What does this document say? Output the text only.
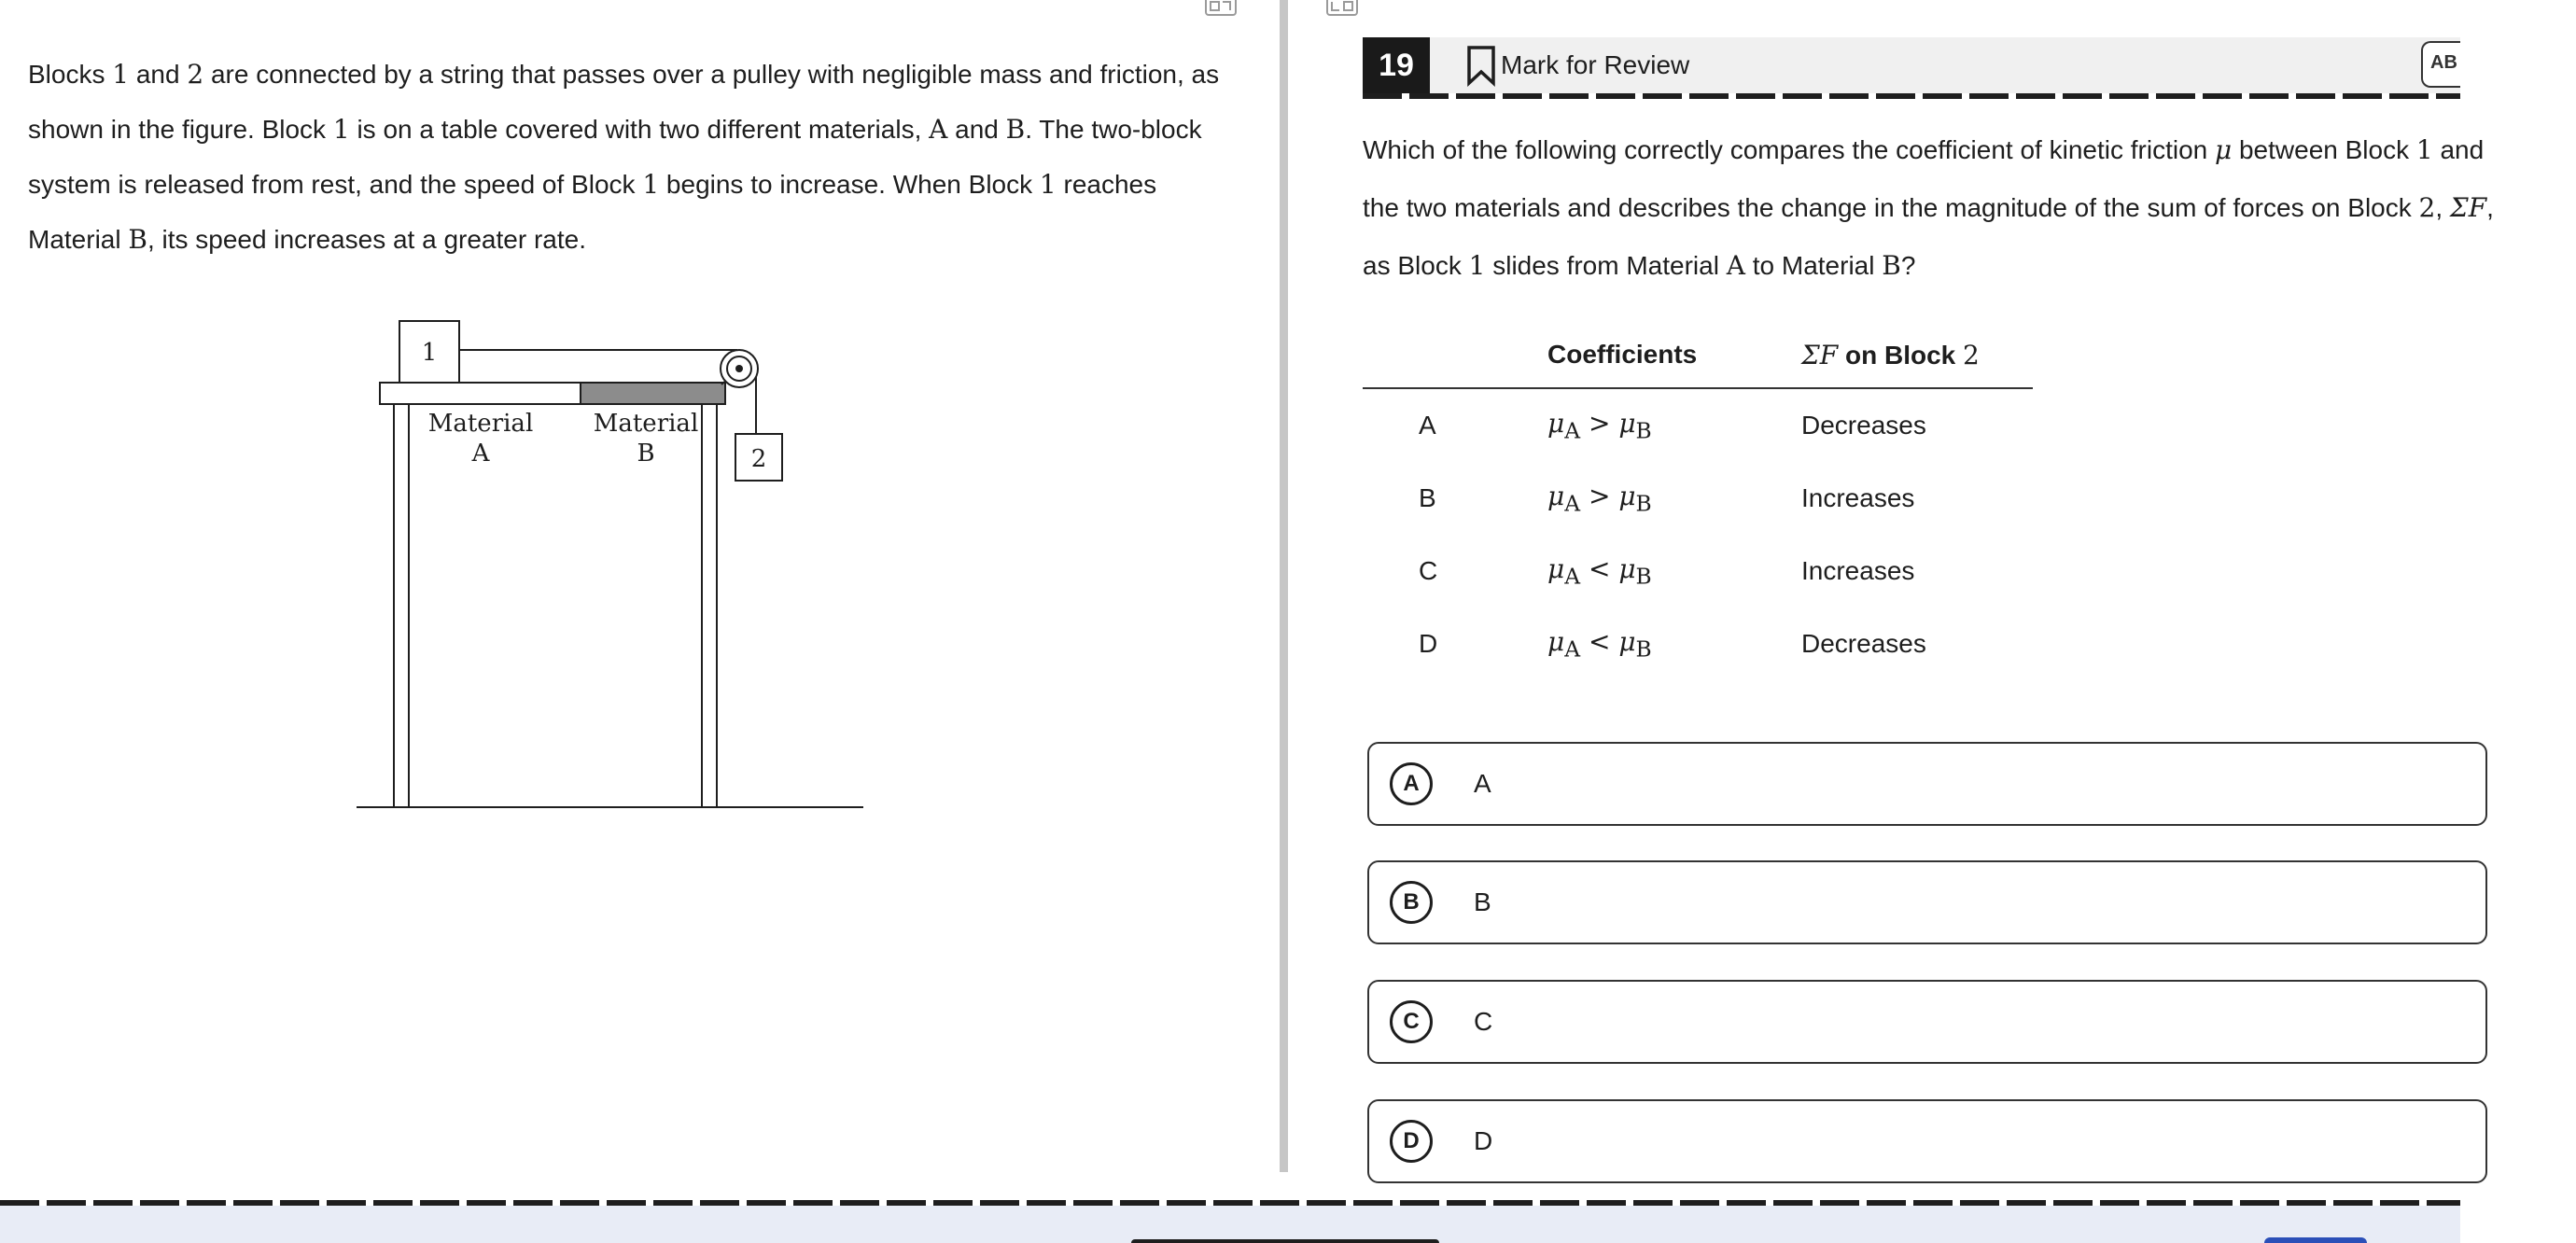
Blocks 1 and 2 are connected by a string that passes over a pulley with negligible mass and friction, as shown in the figure. Block 1 is on a table covered with two different materials, A and B. The two-block system is released from rest, and the speed of Block 1 begins to increase. When Block 1 reaches Material B, its speed increases at a greater rate.

1
2
Material
A
Material
B
19	Mark for Review	AB

Which of the following correctly compares the coefficient of kinetic friction μ between Block 1 and
the two materials and describes the change in the magnitude of the sum of forces on Block 2, ΣF,
as Block 1 slides from Material A to Material B?

	Coefficients	ΣF on Block 2
A	$\mu_A > \mu_B$	Decreases
B	$\mu_A > \mu_B$	Increases
C	$\mu_A < \mu_B$	Increases
D	$\mu_A < \mu_B$	Decreases
A	A
B	B
C	C
D	D
